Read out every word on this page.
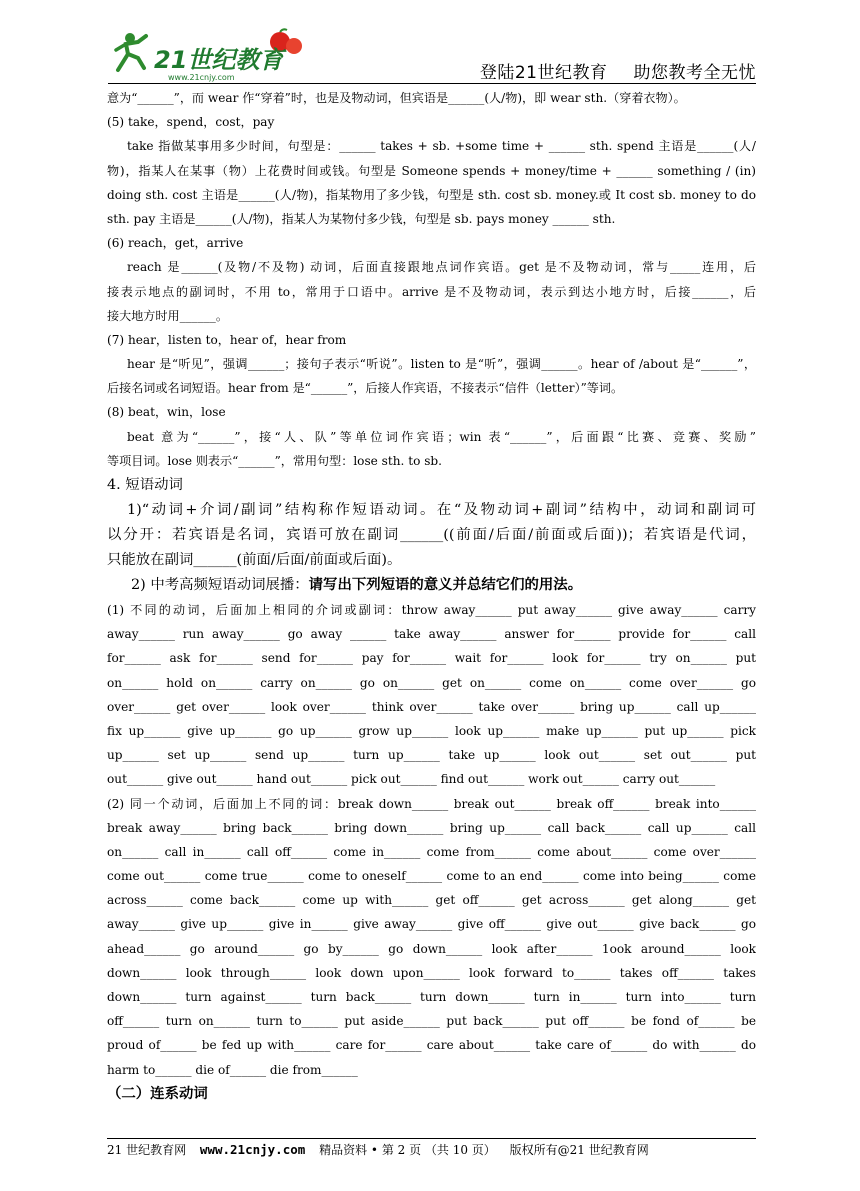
21世纪教育
www.21cnjy.com	登陆21世纪教育 助您教考全无忧
意为“______”，而 wear 作“穿着”时，也是及物动词，但宾语是______(人/物)，即 wear sth.（穿着衣物）。
(5) take，spend，cost，pay
take 指做某事用多少时间，句型是：______ takes + sb. +some time + ______ sth. spend 主语是______(人/
物)，指某人在某事（物）上花费时间或钱。句型是 Someone spends + money/time + ______ something / (in)
doing sth. cost 主语是______(人/物)，指某物用了多少钱，句型是 sth. cost sb. money.或 It cost sb. money to do
sth. pay 主语是______(人/物)，指某人为某物付多少钱，句型是 sb. pays money ______ sth.
(6) reach，get，arrive
reach 是______(及物/不及物) 动词，后面直接跟地点词作宾语。get 是不及物动词，常与_____连用，后
接表示地点的副词时，不用 to，常用于口语中。arrive 是不及物动词，表示到达小地方时，后接______，后
接大地方时用______。
(7) hear，listen to，hear of，hear from
hear 是“听见”，强调______；接句子表示“听说”。listen to 是“听”，强调______。hear of /about 是“______”，
后接名词或名词短语。hear from 是“______”，后接人作宾语，不接表示“信件（letter）”等词。
(8) beat，win，lose
beat 意为“______”，接“人、队”等单位词作宾语；win 表“______”，后面跟“比赛、竞赛、奖励”
等项目词。lose 则表示“______”，常用句型：lose sth. to sb.
4. 短语动词
1)“动词+介词/副词”结构称作短语动词。在“及物动词+副词”结构中，动词和副词可
以分开：若宾语是名词，宾语可放在副词______((前面/后面/前面或后面))；若宾语是代词，
只能放在副词______(前面/后面/前面或后面)。
2) 中考高频短语动词展播：请写出下列短语的意义并总结它们的用法。
(1) 不同的动词，后面加上相同的介词或副词：throw away______ put away______ give away______ carry
away______ run away______ go away ______ take away______ answer for______ provide for______ call
for______ ask for______ send for______ pay for______ wait for______ look for______ try on______ put
on______ hold on______ carry on______ go on______ get on______ come on______ come over______ go
over______ get over______ look over______ think over______ take over______ bring up______ call up______
fix up______ give up______ go up______ grow up______ look up______ make up______ put up______ pick
up______ set up______ send up______ turn up______ take up______ look out______ set out______ put
out______ give out______ hand out______ pick out______ find out______ work out______ carry out______
(2) 同一个动词，后面加上不同的词：break down______ break out______ break off______ break into______
break away______ bring back______ bring down______ bring up______ call back______ call up______ call
on______ call in______ call off______ come in______ come from______ come about______ come over______
come out______ come true______ come to oneself______ come to an end______ come into being______ come
across______ come back______ come up with______ get off______ get across______ get along______ get
away______ give up______ give in______ give away______ give off______ give out______ give back______ go
ahead______ go around______ go by______ go down______ look after______ 1ook around______ look
down______ look through______ look down upon______ look forward to______ takes off______ takes
down______ turn against______ turn back______ turn down______ turn in______ turn into______ turn
off______ turn on______ turn to______ put aside______ put back______ put off______ be fond of______ be
proud of______ be fed up with______ care for______ care about______ take care of______ do with______ do
harm to______ die of______ die from______
（二）连系动词
21 世纪教育网 www.21cnjy.com 精品资料 • 第 2 页 （共 10 页） 版权所有@21 世纪教育网
